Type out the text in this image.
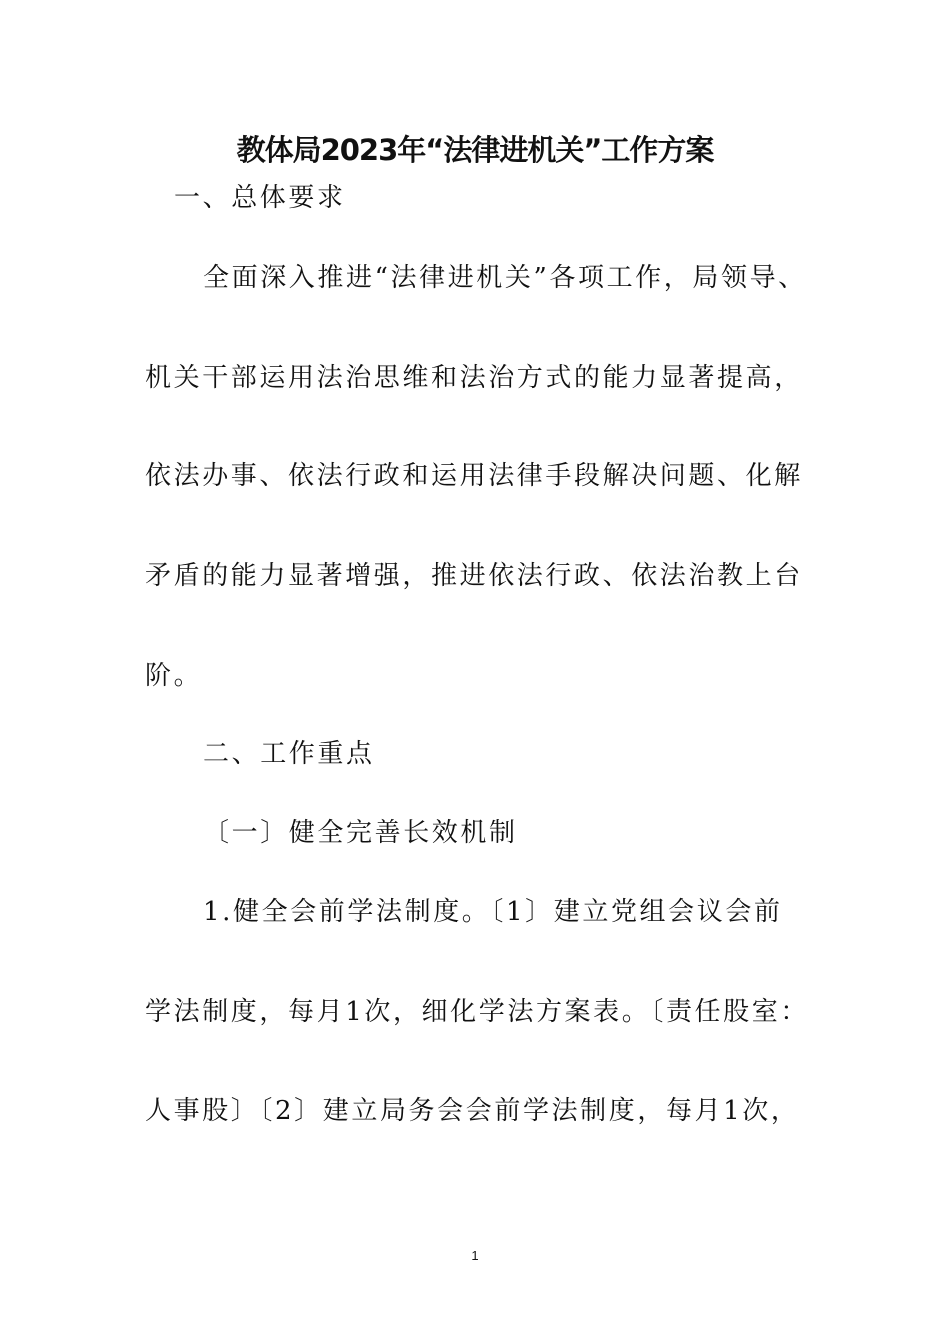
教体局2023年“法律进机关”工作方案
一、总体要求
全面深入推进“法律进机关”各项工作，局领导、
机关干部运用法治思维和法治方式的能力显著提高，
依法办事、依法行政和运用法律手段解决问题、化解
矛盾的能力显著增强，推进依法行政、依法治教上台
阶。
二、工作重点
〔一〕健全完善长效机制
1.健全会前学法制度。〔1〕建立党组会议会前
学法制度，每月1次，细化学法方案表。〔责任股室：
人事股〕〔2〕建立局务会会前学法制度，每月1次，
1
